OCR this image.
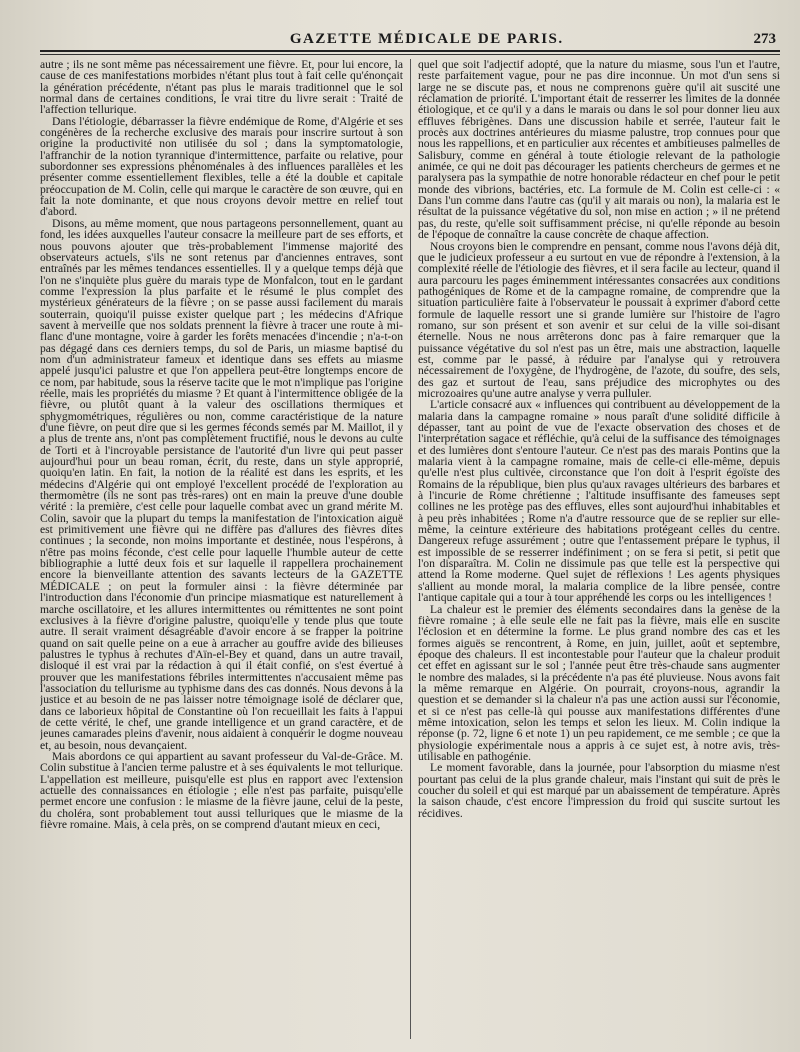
GAZETTE MÉDICALE DE PARIS.	273

autre ; ils ne sont même pas nécessairement une fièvre. Et, pour lui encore, la cause de ces manifestations morbides n'étant plus tout à fait celle qu'énonçait la génération précédente, n'étant pas plus le marais traditionnel que le sol normal dans de certaines conditions, le vrai titre du livre serait : Traité de l'affection tellurique.

Dans l'étiologie, débarrasser la fièvre endémique de Rome, d'Algérie et ses congénères de la recherche exclusive des marais pour inscrire surtout à son origine la productivité non utilisée du sol ; dans la symptomatologie, l'affranchir de la notion tyrannique d'intermittence, parfaite ou relative, pour subordonner ses expressions phénoménales à des influences parallèles et les présenter comme essentiellement flexibles, telle a été la double et capitale préoccupation de M. Colin, celle qui marque le caractère de son œuvre, qui en fait la note dominante, et que nous croyons devoir mettre en relief tout d'abord.

Disons, au même moment, que nous partageons personnellement, quant au fond, les idées auxquelles l'auteur consacre la meilleure part de ses efforts, et nous pouvons ajouter que très-probablement l'immense majorité des observateurs actuels, s'ils ne sont retenus par d'anciennes entraves, sont entraînés par les mêmes tendances essentielles. Il y a quelque temps déjà que l'on ne s'inquiète plus guère du marais type de Monfalcon, tout en le gardant comme l'expression la plus parfaite et le résumé le plus complet des mystérieux générateurs de la fièvre ; on se passe aussi facilement du marais souterrain, quoiqu'il puisse exister quelque part ; les médecins d'Afrique savent à merveille que nos soldats prennent la fièvre à tracer une route à mi-flanc d'une montagne, voire à garder les forêts menacées d'incendie ; n'a-t-on pas dégagé dans ces derniers temps, du sol de Paris, un miasme baptisé du nom d'un administrateur fameux et identique dans ses effets au miasme appelé jusqu'ici palustre et que l'on appellera peut-être longtemps encore de ce nom, par habitude, sous la réserve tacite que le mot n'implique pas l'origine réelle, mais les propriétés du miasme ? Et quant à l'intermittence obligée de la fièvre, ou plutôt quant à la valeur des oscillations thermiques et sphygmométriques, régulières ou non, comme caractéristique de la nature d'une fièvre, on peut dire que si les germes féconds semés par M. Maillot, il y a plus de trente ans, n'ont pas complètement fructifié, nous le devons au culte de Torti et à l'incroyable persistance de l'autorité d'un livre qui peut passer aujourd'hui pour un beau roman, écrit, du reste, dans un style approprié, quoiqu'en latin. En fait, la notion de la réalité est dans les esprits, et les médecins d'Algérie qui ont employé l'excellent procédé de l'exploration au thermomètre (ils ne sont pas très-rares) ont en main la preuve d'une double vérité : la première, c'est celle pour laquelle combat avec un grand mérite M. Colin, savoir que la plupart du temps la manifestation de l'intoxication aiguë est primitivement une fièvre qui ne diffère pas d'allures des fièvres dites continues ; la seconde, non moins importante et destinée, nous l'espérons, à n'être pas moins féconde, c'est celle pour laquelle l'humble auteur de cette bibliographie a lutté deux fois et sur laquelle il rappellera prochainement encore la bienveillante attention des savants lecteurs de la GAZETTE MÉDICALE ; on peut la formuler ainsi : la fièvre déterminée par l'introduction dans l'économie d'un principe miasmatique est naturellement à marche oscillatoire, et les allures intermittentes ou rémittentes ne sont point exclusives à la fièvre d'origine palustre, quoiqu'elle y tende plus que toute autre. Il serait vraiment désagréable d'avoir encore à se frapper la poitrine quand on sait quelle peine on a eue à arracher au gouffre avide des bilieuses palustres le typhus à rechutes d'Aïn-el-Bey et quand, dans un autre travail, disloqué il est vrai par la rédaction à qui il était confié, on s'est évertué à prouver que les manifestations fébriles intermittentes n'accusaient même pas l'association du tellurisme au typhisme dans des cas donnés. Nous devons à la justice et au besoin de ne pas laisser notre témoignage isolé de déclarer que, dans ce laborieux hôpital de Constantine où l'on recueillait les faits à l'appui de cette vérité, le chef, une grande intelligence et un grand caractère, et de jeunes camarades pleins d'avenir, nous aidaient à conquérir le dogme nouveau et, au besoin, nous devançaient.

Mais abordons ce qui appartient au savant professeur du Val-de-Grâce. M. Colin substitue à l'ancien terme palustre et à ses équivalents le mot tellurique. L'appellation est meilleure, puisqu'elle est plus en rapport avec l'extension actuelle des connaissances en étiologie ; elle n'est pas parfaite, puisqu'elle permet encore une confusion : le miasme de la fièvre jaune, celui de la peste, du choléra, sont probablement tout aussi telluriques que le miasme de la fièvre romaine. Mais, à cela près, on se comprend d'autant mieux en ceci,

quel que soit l'adjectif adopté, que la nature du miasme, sous l'un et l'autre, reste parfaitement vague, pour ne pas dire inconnue. Un mot d'un sens si large ne se discute pas, et nous ne comprenons guère qu'il ait suscité une réclamation de priorité. L'important était de resserrer les limites de la donnée étiologique, et ce qu'il y a dans le marais ou dans le sol pour donner lieu aux effluves fébrigènes. Dans une discussion habile et serrée, l'auteur fait le procès aux doctrines antérieures du miasme palustre, trop connues pour que nous les rappellions, et en particulier aux récentes et ambitieuses palmelles de Salisbury, comme en général à toute étiologie relevant de la pathologie animée, ce qui ne doit pas décourager les patients chercheurs de germes et ne paralysera pas la sympathie de notre honorable rédacteur en chef pour le petit monde des vibrions, bactéries, etc. La formule de M. Colin est celle-ci : « Dans l'un comme dans l'autre cas (qu'il y ait marais ou non), la malaria est le résultat de la puissance végétative du sol, non mise en action ; » il ne prétend pas, du reste, qu'elle soit suffisamment précise, ni qu'elle réponde au besoin de l'époque de connaître la cause concrète de chaque affection.

Nous croyons bien le comprendre en pensant, comme nous l'avons déjà dit, que le judicieux professeur a eu surtout en vue de répondre à l'extension, à la complexité réelle de l'étiologie des fièvres, et il sera facile au lecteur, quand il aura parcouru les pages éminemment intéressantes consacrées aux conditions pathogéniques de Rome et de la campagne romaine, de comprendre que la situation particulière faite à l'observateur le poussait à exprimer d'abord cette formule de laquelle ressort une si grande lumière sur l'histoire de l'agro romano, sur son présent et son avenir et sur celui de la ville soi-disant éternelle. Nous ne nous arrêterons donc pas à faire remarquer que la puissance végétative du sol n'est pas un être, mais une abstraction, laquelle est, comme par le passé, à réduire par l'analyse qui y retrouvera nécessairement de l'oxygène, de l'hydrogène, de l'azote, du soufre, des sels, des gaz et surtout de l'eau, sans préjudice des microphytes ou des microzoaires qu'une autre analyse y verra pulluler.

L'article consacré aux « influences qui contribuent au développement de la malaria dans la campagne romaine » nous paraît d'une solidité difficile à dépasser, tant au point de vue de l'exacte observation des choses et de l'interprétation sagace et réfléchie, qu'à celui de la suffisance des témoignages et des lumières dont s'entoure l'auteur. Ce n'est pas des marais Pontins que la malaria vient à la campagne romaine, mais de celle-ci elle-même, depuis qu'elle n'est plus cultivée, circonstance que l'on doit à l'esprit égoïste des Romains de la république, bien plus qu'aux ravages ultérieurs des barbares et à l'incurie de Rome chrétienne ; l'altitude insuffisante des fameuses sept collines ne les protège pas des effluves, elles sont aujourd'hui inhabitables et à peu près inhabitées ; Rome n'a d'autre ressource que de se replier sur elle-même, la ceinture extérieure des habitations protégeant celles du centre. Dangereux refuge assurément ; outre que l'entassement prépare le typhus, il est impossible de se resserrer indéfiniment ; on se fera si petit, si petit que l'on disparaîtra. M. Colin ne dissimule pas que telle est la perspective qui attend la Rome moderne. Quel sujet de réflexions ! Les agents physiques s'allient au monde moral, la malaria complice de la libre pensée, contre l'antique capitale qui a tour à tour appréhendé les corps ou les intelligences !

La chaleur est le premier des éléments secondaires dans la genèse de la fièvre romaine ; à elle seule elle ne fait pas la fièvre, mais elle en suscite l'éclosion et en détermine la forme. Le plus grand nombre des cas et les formes aiguës se rencontrent, à Rome, en juin, juillet, août et septembre, époque des chaleurs. Il est incontestable pour l'auteur que la chaleur produit cet effet en agissant sur le sol ; l'année peut être très-chaude sans augmenter le nombre des malades, si la précédente n'a pas été pluvieuse. Nous avons fait la même remarque en Algérie. On pourrait, croyons-nous, agrandir la question et se demander si la chaleur n'a pas une action aussi sur l'économie, et si ce n'est pas celle-là qui pousse aux manifestations différentes d'une même intoxication, selon les temps et selon les lieux. M. Colin indique la réponse (p. 72, ligne 6 et note 1) un peu rapidement, ce me semble ; ce que la physiologie expérimentale nous a appris à ce sujet est, à notre avis, très-utilisable en pathogénie.

Le moment favorable, dans la journée, pour l'absorption du miasme n'est pourtant pas celui de la plus grande chaleur, mais l'instant qui suit de près le coucher du soleil et qui est marqué par un abaissement de température. Après la saison chaude, c'est encore l'impression du froid qui suscite surtout les récidives.
